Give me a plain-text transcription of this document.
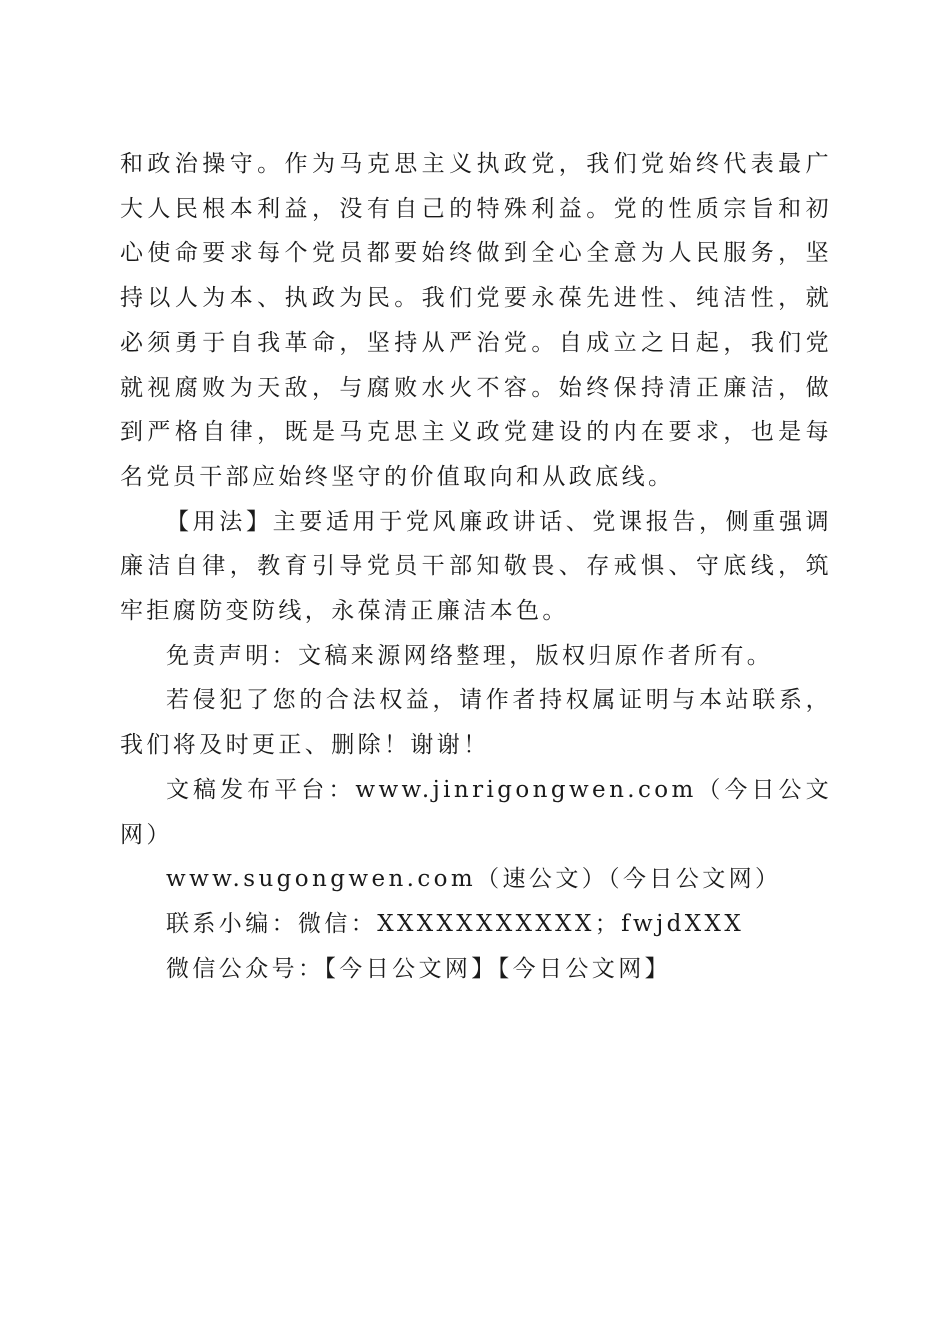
和政治操守。作为马克思主义执政党，我们党始终代表最广大人民根本利益，没有自己的特殊利益。党的性质宗旨和初心使命要求每个党员都要始终做到全心全意为人民服务，坚持以人为本、执政为民。我们党要永葆先进性、纯洁性，就必须勇于自我革命，坚持从严治党。自成立之日起，我们党就视腐败为天敌，与腐败水火不容。始终保持清正廉洁，做到严格自律，既是马克思主义政党建设的内在要求，也是每名党员干部应始终坚守的价值取向和从政底线。

【用法】主要适用于党风廉政讲话、党课报告，侧重强调廉洁自律，教育引导党员干部知敬畏、存戒惧、守底线，筑牢拒腐防变防线，永葆清正廉洁本色。

免责声明：文稿来源网络整理，版权归原作者所有。

若侵犯了您的合法权益，请作者持权属证明与本站联系，我们将及时更正、删除！谢谢！

文稿发布平台：www.jinrigongwen.com（今日公文网）

www.sugongwen.com（速公文）（今日公文网）

联系小编：微信：XXXXXXXXXXX；fwjdXXX

微信公众号：【今日公文网】【今日公文网】
